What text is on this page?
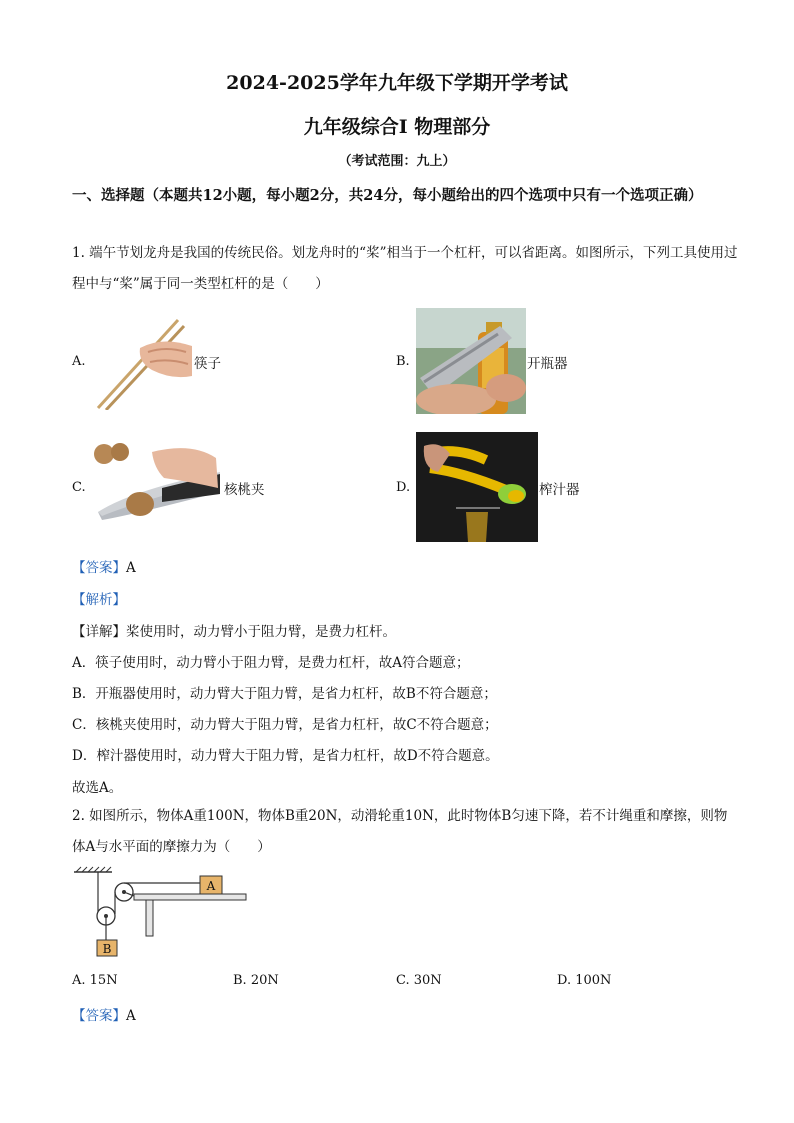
2024-2025学年九年级下学期开学考试
九年级综合Ⅰ 物理部分
（考试范围：九上）
一、选择题（本题共12小题，每小题2分，共24分，每小题给出的四个选项中只有一个选项正确）
1. 端午节划龙舟是我国的传统民俗。划龙舟时的“桨”相当于一个杠杆，可以省距离。如图所示，下列工具使用过程中与“桨”属于同一类型杠杆的是（　　）
A.	筷子	B.	开瓶器
C.	核桃夹	D.	榨汁器
【答案】A
【解析】
【详解】桨使用时，动力臂小于阻力臂，是费力杠杆。
A．筷子使用时，动力臂小于阻力臂，是费力杠杆，故A符合题意；
B．开瓶器使用时，动力臂大于阻力臂，是省力杠杆，故B不符合题意；
C．核桃夹使用时，动力臂大于阻力臂，是省力杠杆，故C不符合题意；
D．榨汁器使用时，动力臂大于阻力臂，是省力杠杆，故D不符合题意。
故选A。
2. 如图所示，物体A重100N，物体B重20N，动滑轮重10N，此时物体B匀速下降，若不计绳重和摩擦，则物体A与水平面的摩擦力为（　　）
B
A
A. 15N	B. 20N	C. 30N	D. 100N
【答案】A
